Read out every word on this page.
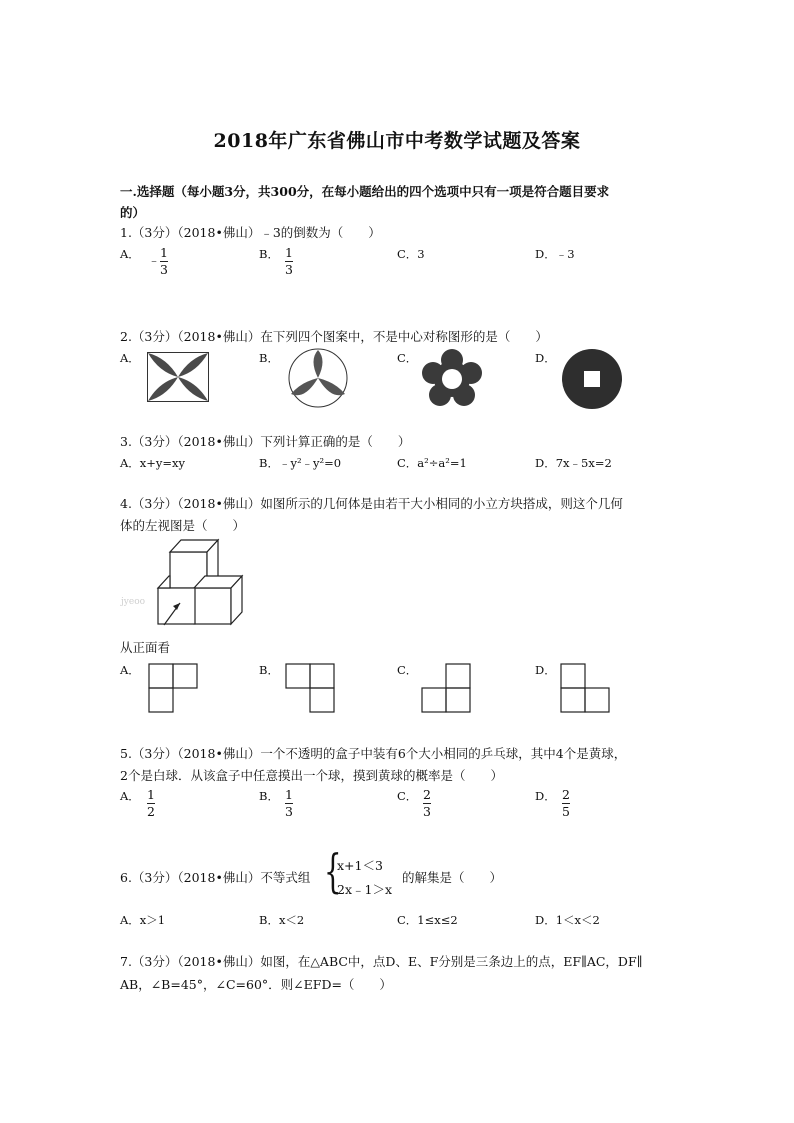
2018年广东省佛山市中考数学试题及答案
一.选择题（每小题3分，共300分，在每小题给出的四个选项中只有一项是符合题目要求
的）
1.（3分）（2018•佛山）﹣3的倒数为（　　）
A． ﹣ 1
3
B． 1
3
C．3	D．﹣3
2.（3分）（2018•佛山）在下列四个图案中，不是中心对称图形的是（　　）
A．	B．	C．	D．
3.（3分）（2018•佛山）下列计算正确的是（　　）
A．x+y=xy	B．﹣y²﹣y²=0	C．a²÷a²=1	D．7x﹣5x=2
4.（3分）（2018•佛山）如图所示的几何体是由若干大小相同的小立方块搭成，则这个几何
体的左视图是（　　）
jyeoo
从正面看
A．	B．	C．	D．
5.（3分）（2018•佛山）一个不透明的盒子中装有6个大小相同的乒乓球，其中4个是黄球，
2个是白球．从该盒子中任意摸出一个球，摸到黄球的概率是（　　）
A． 1
2
B． 1
3
C． 2
3
D． 2
5
6.（3分）（2018•佛山）不等式组 {
x+1＜3
2x﹣1＞x
的解集是（　　）
A．x＞1	B．x＜2	C．1≤x≤2	D．1＜x＜2
7.（3分）（2018•佛山）如图，在△ABC中，点D、E、F分别是三条边上的点，EF∥AC，DF∥
AB，∠B=45°，∠C=60°．则∠EFD=（　　）
